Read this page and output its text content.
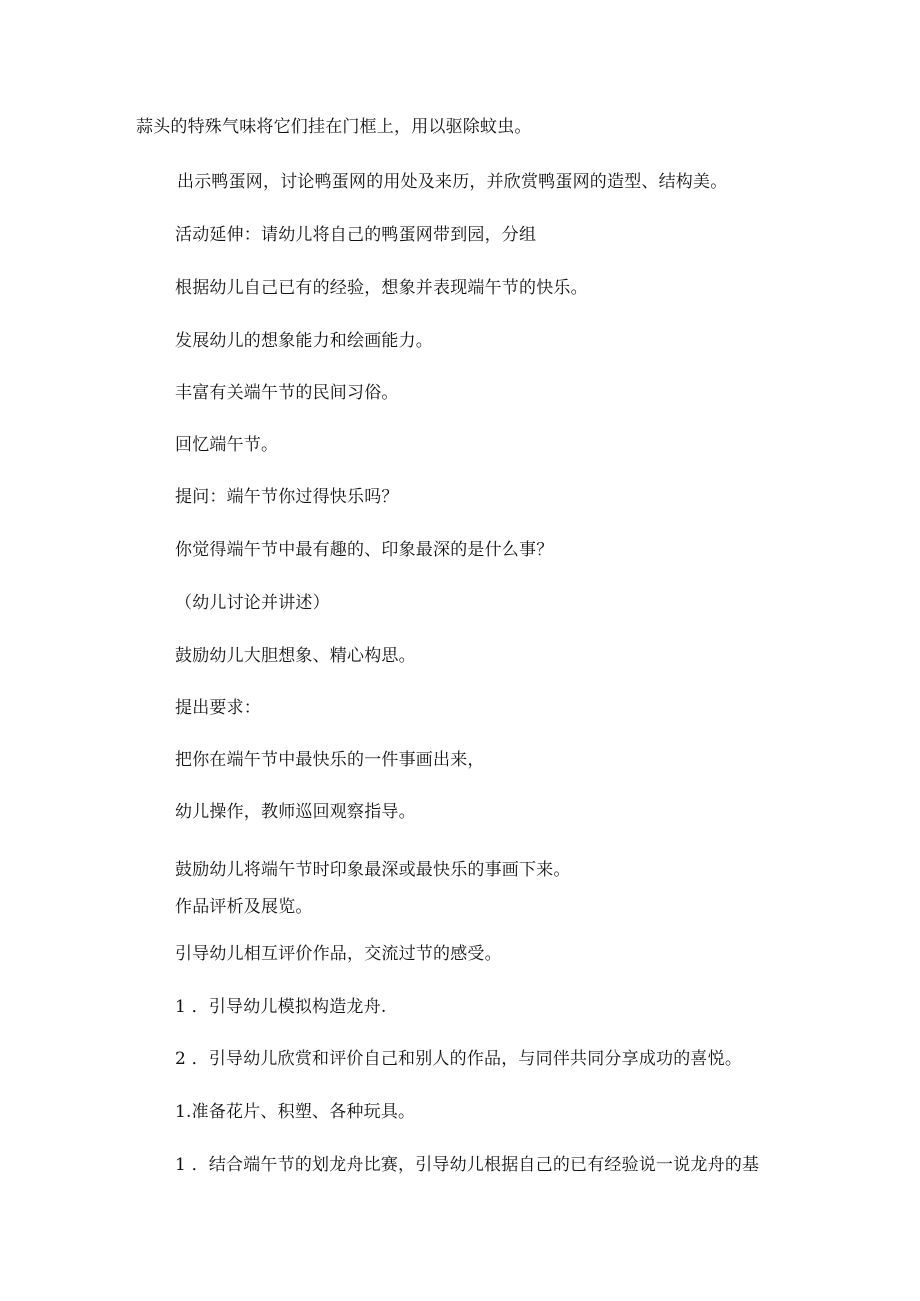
蒜头的特殊气味将它们挂在门框上，用以驱除蚊虫。

出示鸭蛋网，讨论鸭蛋网的用处及来历，并欣赏鸭蛋网的造型、结构美。

活动延伸：请幼儿将自己的鸭蛋网带到园，分组

根据幼儿自己已有的经验，想象并表现端午节的快乐。

发展幼儿的想象能力和绘画能力。

丰富有关端午节的民间习俗。

回忆端午节。

提问：端午节你过得快乐吗？

你觉得端午节中最有趣的、印象最深的是什么事？

（幼儿讨论并讲述）

鼓励幼儿大胆想象、精心构思。

提出要求：

把你在端午节中最快乐的一件事画出来，

幼儿操作，教师巡回观察指导。

鼓励幼儿将端午节时印象最深或最快乐的事画下来。

作品评析及展览。

引导幼儿相互评价作品，交流过节的感受。

1 ．引导幼儿模拟构造龙舟.

2 ．引导幼儿欣赏和评价自己和别人的作品，与同伴共同分享成功的喜悦。

1.准备花片、积塑、各种玩具。

1 ．结合端午节的划龙舟比赛，引导幼儿根据自己的已有经验说一说龙舟的基
